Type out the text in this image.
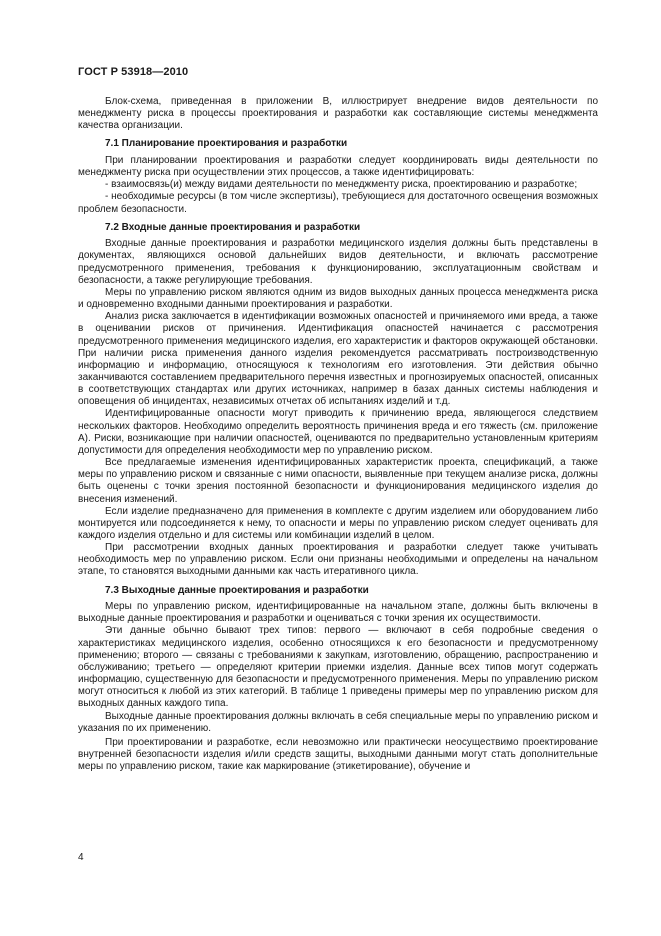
ГОСТ Р 53918—2010

Блок-схема, приведенная в приложении В, иллюстрирует внедрение видов деятельности по менеджменту риска в процессы проектирования и разработки как составляющие системы менеджмента качества организации.

7.1 Планирование проектирования и разработки

При планировании проектирования и разработки следует координировать виды деятельности по менеджменту риска при осуществлении этих процессов, а также идентифицировать:

- взаимосвязь(и) между видами деятельности по менеджменту риска, проектированию и разработке;

- необходимые ресурсы (в том числе экспертизы), требующиеся для достаточного освещения возможных проблем безопасности.

7.2 Входные данные проектирования и разработки

Входные данные проектирования и разработки медицинского изделия должны быть представлены в документах, являющихся основой дальнейших видов деятельности, и включать рассмотрение предусмотренного применения, требования к функционированию, эксплуатационным свойствам и безопасности, а также регулирующие требования.

Меры по управлению риском являются одним из видов выходных данных процесса менеджмента риска и одновременно входными данными проектирования и разработки.

Анализ риска заключается в идентификации возможных опасностей и причиняемого ими вреда, а также в оценивании рисков от причинения. Идентификация опасностей начинается с рассмотрения предусмотренного применения медицинского изделия, его характеристик и факторов окружающей обстановки. При наличии риска применения данного изделия рекомендуется рассматривать построизводственную информацию и информацию, относящуюся к технологиям его изготовления. Эти действия обычно заканчиваются составлением предварительного перечня известных и прогнозируемых опасностей, описанных в соответствующих стандартах или других источниках, например в базах данных системы наблюдения и оповещения об инцидентах, независимых отчетах об испытаниях изделий и т.д.

Идентифицированные опасности могут приводить к причинению вреда, являющегося следствием нескольких факторов. Необходимо определить вероятность причинения вреда и его тяжесть (см. приложение А). Риски, возникающие при наличии опасностей, оцениваются по предварительно установленным критериям допустимости для определения необходимости мер по управлению риском.

Все предлагаемые изменения идентифицированных характеристик проекта, спецификаций, а также меры по управлению риском и связанные с ними опасности, выявленные при текущем анализе риска, должны быть оценены с точки зрения постоянной безопасности и функционирования медицинского изделия до внесения изменений.

Если изделие предназначено для применения в комплекте с другим изделием или оборудованием либо монтируется или подсоединяется к нему, то опасности и меры по управлению риском следует оценивать для каждого изделия отдельно и для системы или комбинации изделий в целом.

При рассмотрении входных данных проектирования и разработки следует также учитывать необходимость мер по управлению риском. Если они признаны необходимыми и определены на начальном этапе, то становятся выходными данными как часть итеративного цикла.

7.3 Выходные данные проектирования и разработки

Меры по управлению риском, идентифицированные на начальном этапе, должны быть включены в выходные данные проектирования и разработки и оцениваться с точки зрения их осуществимости.

Эти данные обычно бывают трех типов: первого — включают в себя подробные сведения о характеристиках медицинского изделия, особенно относящихся к его безопасности и предусмотренному применению; второго — связаны с требованиями к закупкам, изготовлению, обращению, распространению и обслуживанию; третьего — определяют критерии приемки изделия. Данные всех типов могут содержать информацию, существенную для безопасности и предусмотренного применения. Меры по управлению риском могут относиться к любой из этих категорий. В таблице 1 приведены примеры мер по управлению риском для выходных данных каждого типа.

Выходные данные проектирования должны включать в себя специальные меры по управлению риском и указания по их применению.

При проектировании и разработке, если невозможно или практически неосуществимо проектирование внутренней безопасности изделия и/или средств защиты, выходными данными могут стать дополнительные меры по управлению риском, такие как маркирование (этикетирование), обучение и

4
